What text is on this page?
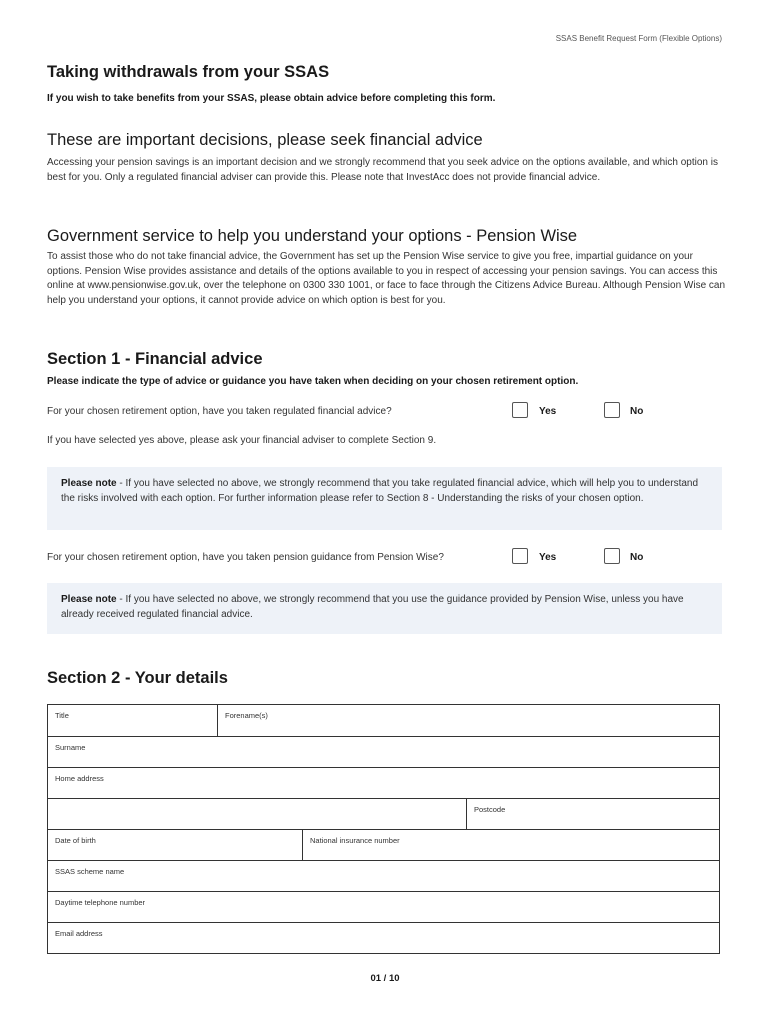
SSAS Benefit Request Form (Flexible Options)
Taking withdrawals from your SSAS
If you wish to take benefits from your SSAS, please obtain advice before completing this form.
These are important decisions, please seek financial advice
Accessing your pension savings is an important decision and we strongly recommend that you seek advice on the options available, and which option is best for you. Only a regulated financial adviser can provide this. Please note that InvestAcc does not provide financial advice.
Government service to help you understand your options - Pension Wise
To assist those who do not take financial advice, the Government has set up the Pension Wise service to give you free, impartial guidance on your options. Pension Wise provides assistance and details of the options available to you in respect of accessing your pension savings. You can access this online at www.pensionwise.gov.uk, over the telephone on 0300 330 1001, or face to face through the Citizens Advice Bureau. Although Pension Wise can help you understand your options, it cannot provide advice on which option is best for you.
Section 1 - Financial advice
Please indicate the type of advice or guidance you have taken when deciding on your chosen retirement option.
For your chosen retirement option, have you taken regulated financial advice?	Yes	No
If you have selected yes above, please ask your financial adviser to complete Section 9.
Please note - If you have selected no above, we strongly recommend that you take regulated financial advice, which will help you to understand the risks involved with each option. For further information please refer to Section 8 - Understanding the risks of your chosen option.
For your chosen retirement option, have you taken pension guidance from Pension Wise?	Yes	No
Please note - If you have selected no above, we strongly recommend that you use the guidance provided by Pension Wise, unless you have already received regulated financial advice.
Section 2 - Your details
Title	Forename(s)
Surname
Home address
Postcode
Date of birth	National insurance number
SSAS scheme name
Daytime telephone number
Email address
01 / 10
